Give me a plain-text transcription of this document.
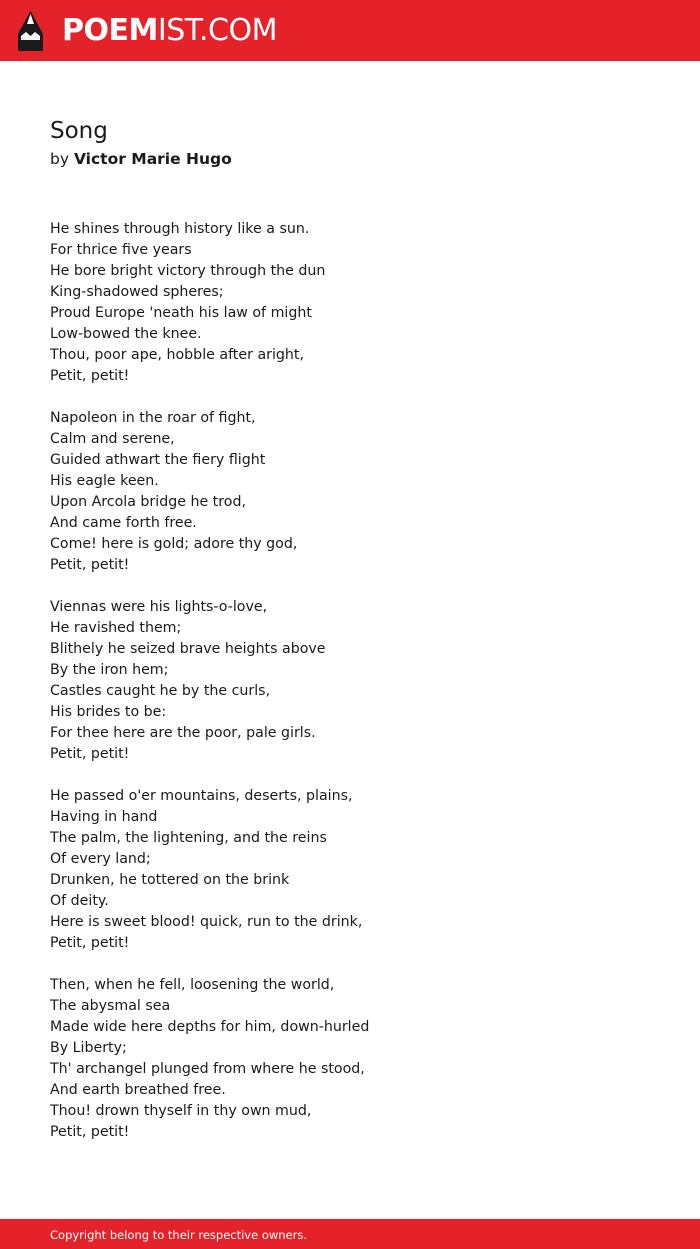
POEMIST.COM
Song
by Victor Marie Hugo
He shines through history like a sun.
For thrice five years
He bore bright victory through the dun
King-shadowed spheres;
Proud Europe 'neath his law of might
Low-bowed the knee.
Thou, poor ape, hobble after aright,
Petit, petit!
Napoleon in the roar of fight,
Calm and serene,
Guided athwart the fiery flight
His eagle keen.
Upon Arcola bridge he trod,
And came forth free.
Come! here is gold; adore thy god,
Petit, petit!
Viennas were his lights-o-love,
He ravished them;
Blithely he seized brave heights above
By the iron hem;
Castles caught he by the curls,
His brides to be:
For thee here are the poor, pale girls.
Petit, petit!
He passed o'er mountains, deserts, plains,
Having in hand
The palm, the lightening, and the reins
Of every land;
Drunken, he tottered on the brink
Of deity.
Here is sweet blood! quick, run to the drink,
Petit, petit!
Then, when he fell, loosening the world,
The abysmal sea
Made wide here depths for him, down-hurled
By Liberty;
Th' archangel plunged from where he stood,
And earth breathed free.
Thou! drown thyself in thy own mud,
Petit, petit!
Copyright belong to their respective owners.
